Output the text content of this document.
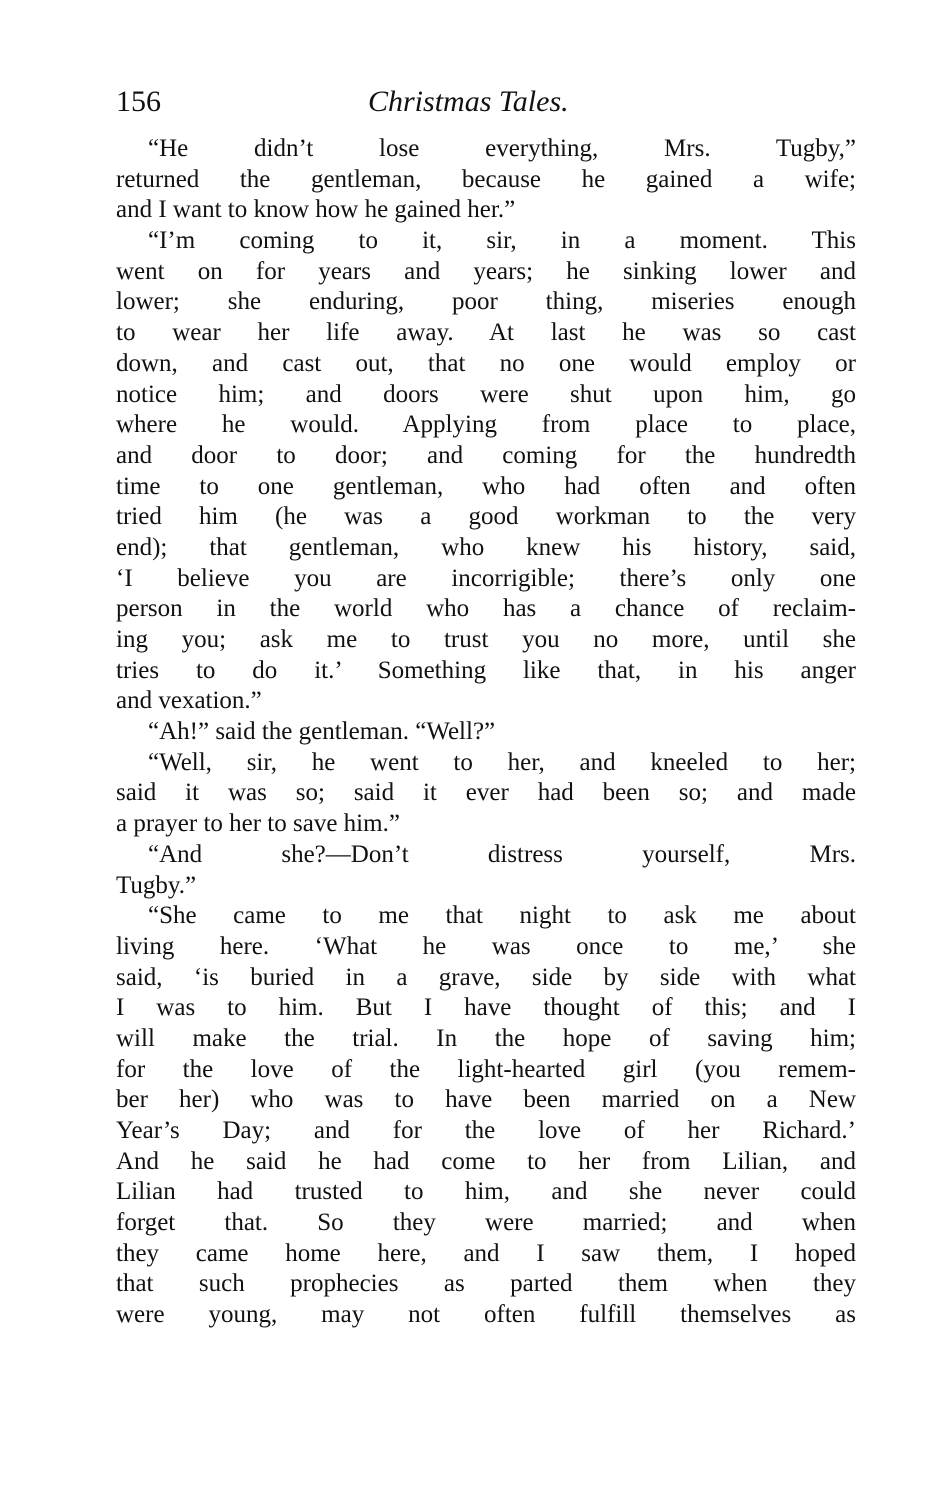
156	Christmas Tales.
“He didn’t lose everything, Mrs. Tugby,”
returned the gentleman, because he gained a wife;
and I want to know how he gained her.”
“I’m coming to it, sir, in a moment. This
went on for years and years; he sinking lower and
lower; she enduring, poor thing, miseries enough
to wear her life away. At last he was so cast
down, and cast out, that no one would employ or
notice him; and doors were shut upon him, go
where he would. Applying from place to place,
and door to door; and coming for the hundredth
time to one gentleman, who had often and often
tried him (he was a good workman to the very
end); that gentleman, who knew his history, said,
‘I believe you are incorrigible; there’s only one
person in the world who has a chance of reclaim-
ing you; ask me to trust you no more, until she
tries to do it.’ Something like that, in his anger
and vexation.”
“Ah!” said the gentleman. “Well?”
“Well, sir, he went to her, and kneeled to her;
said it was so; said it ever had been so; and made
a prayer to her to save him.”
“And she?—Don’t distress yourself, Mrs.
Tugby.”
“She came to me that night to ask me about
living here. ‘What he was once to me,’ she
said, ‘is buried in a grave, side by side with what
I was to him. But I have thought of this; and I
will make the trial. In the hope of saving him;
for the love of the light-hearted girl (you remem-
ber her) who was to have been married on a New
Year’s Day; and for the love of her Richard.’
And he said he had come to her from Lilian, and
Lilian had trusted to him, and she never could
forget that. So they were married; and when
they came home here, and I saw them, I hoped
that such prophecies as parted them when they
were young, may not often fulfill themselves as
